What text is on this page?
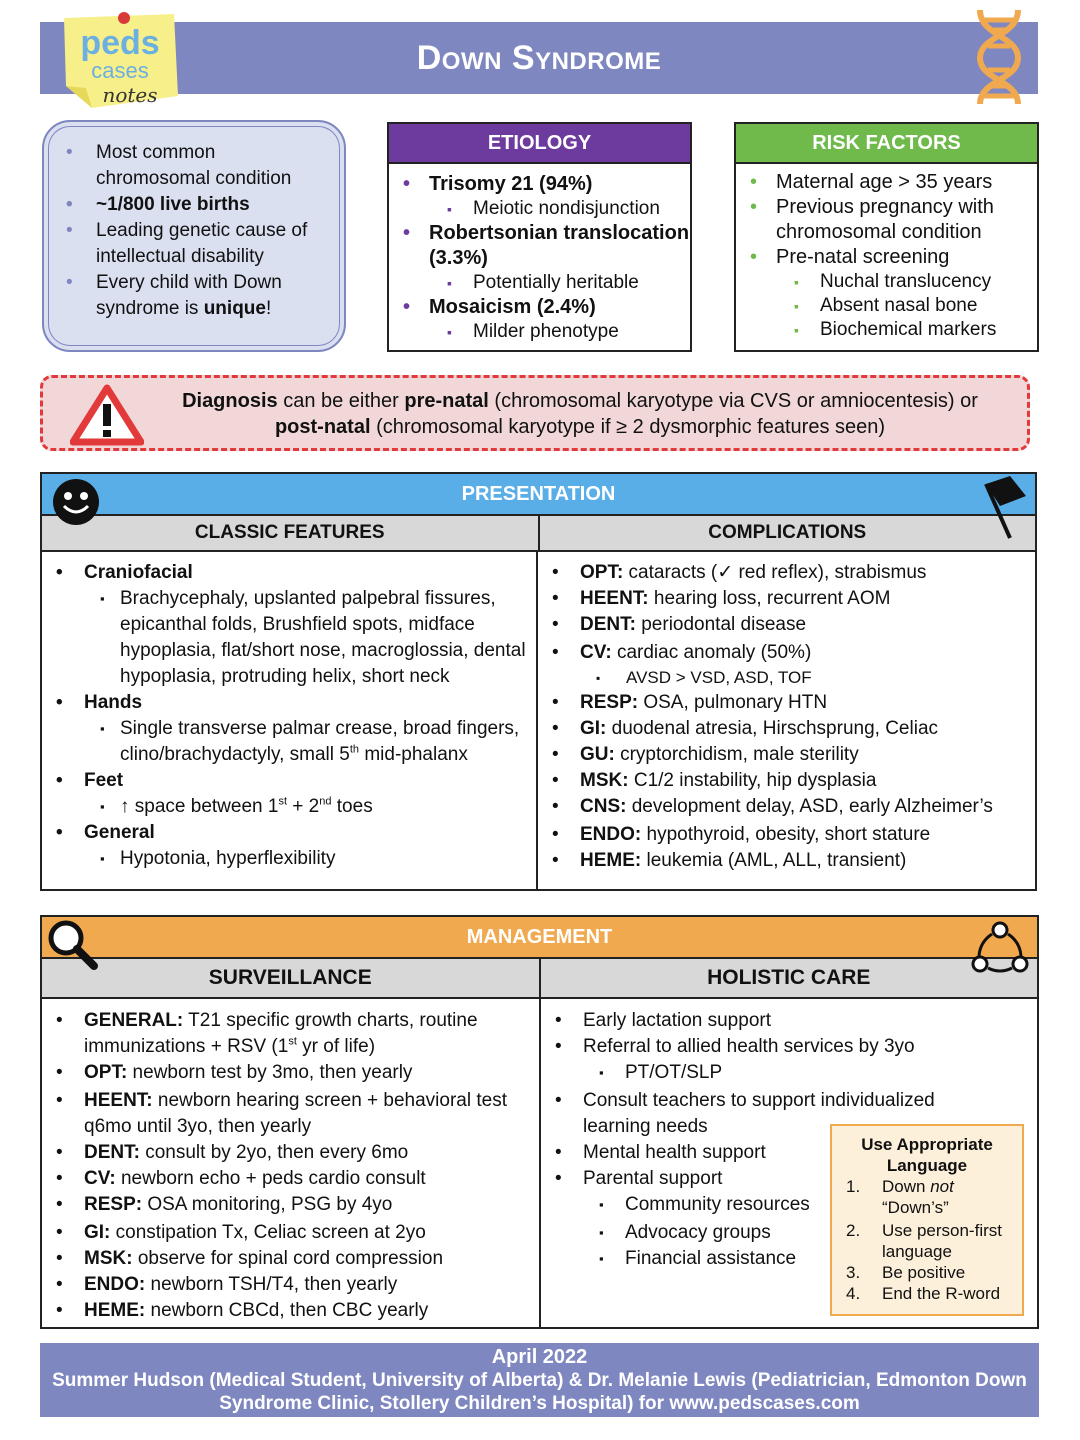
Down Syndrome
peds
cases
notes
• Most common chromosomal condition
• ~1/800 live births
• Leading genetic cause of intellectual disability
• Every child with Down syndrome is unique!
ETIOLOGY
• Trisomy 21 (94%)
▪ Meiotic nondisjunction
• Robertsonian translocation (3.3%)
▪ Potentially heritable
• Mosaicism (2.4%)
▪ Milder phenotype
RISK FACTORS
• Maternal age > 35 years
• Previous pregnancy with chromosomal condition
• Pre-natal screening
▪ Nuchal translucency
▪ Absent nasal bone
▪ Biochemical markers
Diagnosis can be either pre-natal (chromosomal karyotype via CVS or amniocentesis) or
post-natal (chromosomal karyotype if ≥ 2 dysmorphic features seen)
PRESENTATION
CLASSIC FEATURES	COMPLICATIONS
• Craniofacial
▪ Brachycephaly, upslanted palpebral fissures, epicanthal folds, Brushfield spots, midface hypoplasia, flat/short nose, macroglossia, dental hypoplasia, protruding helix, short neck
• Hands
▪ Single transverse palmar crease, broad fingers, clino/brachydactyly, small 5th mid-phalanx
• Feet
▪ ↑ space between 1st + 2nd toes
• General
▪ Hypotonia, hyperflexibility
• OPT: cataracts (✓ red reflex), strabismus
• HEENT: hearing loss, recurrent AOM
• DENT: periodontal disease
• CV: cardiac anomaly (50%)
▪ AVSD > VSD, ASD, TOF
• RESP: OSA, pulmonary HTN
• GI: duodenal atresia, Hirschsprung, Celiac
• GU: cryptorchidism, male sterility
• MSK: C1/2 instability, hip dysplasia
• CNS: development delay, ASD, early Alzheimer’s
• ENDO: hypothyroid, obesity, short stature
• HEME: leukemia (AML, ALL, transient)
MANAGEMENT
SURVEILLANCE	HOLISTIC CARE
• GENERAL: T21 specific growth charts, routine immunizations + RSV (1st yr of life)
• OPT: newborn test by 3mo, then yearly
• HEENT: newborn hearing screen + behavioral test q6mo until 3yo, then yearly
• DENT: consult by 2yo, then every 6mo
• CV: newborn echo + peds cardio consult
• RESP: OSA monitoring, PSG by 4yo
• GI: constipation Tx, Celiac screen at 2yo
• MSK: observe for spinal cord compression
• ENDO: newborn TSH/T4, then yearly
• HEME: newborn CBCd, then CBC yearly
• Early lactation support
• Referral to allied health services by 3yo
▪ PT/OT/SLP
• Consult teachers to support individualized learning needs
• Mental health support
• Parental support
▪ Community resources
▪ Advocacy groups
▪ Financial assistance
Use Appropriate Language
1. Down not
“Down’s”
2. Use person-first language
3. Be positive
4. End the R-word
April 2022
Summer Hudson (Medical Student, University of Alberta) & Dr. Melanie Lewis (Pediatrician, Edmonton Down Syndrome Clinic, Stollery Children’s Hospital) for www.pedscases.com
